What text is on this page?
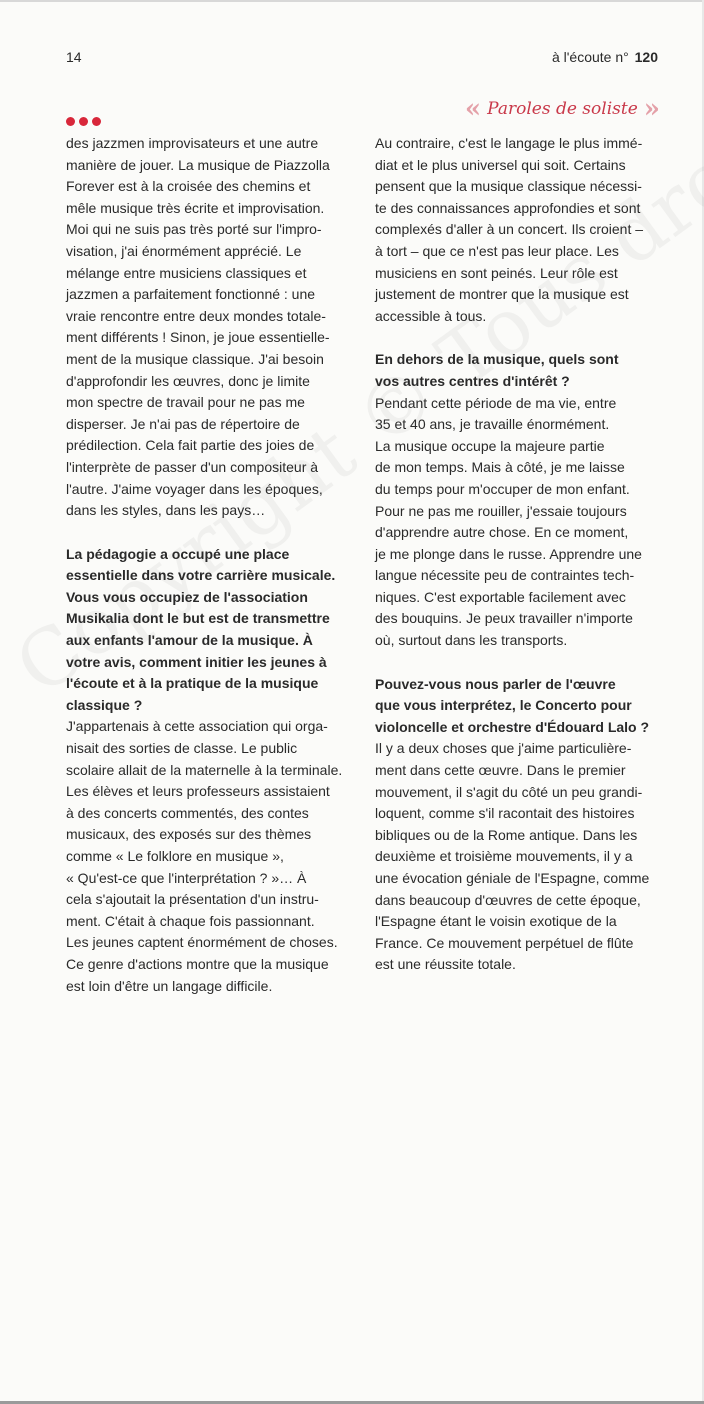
14	à l'écoute n° 120
« Paroles de soliste »
des jazzmen improvisateurs et une autre
manière de jouer. La musique de Piazzolla
Forever est à la croisée des chemins et
mêle musique très écrite et improvisation.
Moi qui ne suis pas très porté sur l'impro-
visation, j'ai énormément apprécié. Le
mélange entre musiciens classiques et
jazzmen a parfaitement fonctionné : une
vraie rencontre entre deux mondes totale-
ment différents ! Sinon, je joue essentielle-
ment de la musique classique. J'ai besoin
d'approfondir les œuvres, donc je limite
mon spectre de travail pour ne pas me
disperser. Je n'ai pas de répertoire de
prédilection. Cela fait partie des joies de
l'interprète de passer d'un compositeur à
l'autre. J'aime voyager dans les époques,
dans les styles, dans les pays…
La pédagogie a occupé une place
essentielle dans votre carrière musicale.
Vous vous occupiez de l'association
Musikalia dont le but est de transmettre
aux enfants l'amour de la musique. À
votre avis, comment initier les jeunes à
l'écoute et à la pratique de la musique
classique ?
J'appartenais à cette association qui orga-
nisait des sorties de classe. Le public
scolaire allait de la maternelle à la terminale.
Les élèves et leurs professeurs assistaient
à des concerts commentés, des contes
musicaux, des exposés sur des thèmes
comme « Le folklore en musique »,
« Qu'est-ce que l'interprétation ? »… À
cela s'ajoutait la présentation d'un instru-
ment. C'était à chaque fois passionnant.
Les jeunes captent énormément de choses.
Ce genre d'actions montre que la musique
est loin d'être un langage difficile.
Au contraire, c'est le langage le plus immé-
diat et le plus universel qui soit. Certains
pensent que la musique classique nécessi-
te des connaissances approfondies et sont
complexés d'aller à un concert. Ils croient –
à tort – que ce n'est pas leur place. Les
musiciens en sont peinés. Leur rôle est
justement de montrer que la musique est
accessible à tous.
En dehors de la musique, quels sont
vos autres centres d'intérêt ?
Pendant cette période de ma vie, entre
35 et 40 ans, je travaille énormément.
La musique occupe la majeure partie
de mon temps. Mais à côté, je me laisse
du temps pour m'occuper de mon enfant.
Pour ne pas me rouiller, j'essaie toujours
d'apprendre autre chose. En ce moment,
je me plonge dans le russe. Apprendre une
langue nécessite peu de contraintes tech-
niques. C'est exportable facilement avec
des bouquins. Je peux travailler n'importe
où, surtout dans les transports.
Pouvez-vous nous parler de l'œuvre
que vous interprétez, le Concerto pour
violoncelle et orchestre d'Édouard Lalo ?
Il y a deux choses que j'aime particulière-
ment dans cette œuvre. Dans le premier
mouvement, il s'agit du côté un peu grandi-
loquent, comme s'il racontait des histoires
bibliques ou de la Rome antique. Dans les
deuxième et troisième mouvements, il y a
une évocation géniale de l'Espagne, comme
dans beaucoup d'œuvres de cette époque,
l'Espagne étant le voisin exotique de la
France. Ce mouvement perpétuel de flûte
est une réussite totale.
